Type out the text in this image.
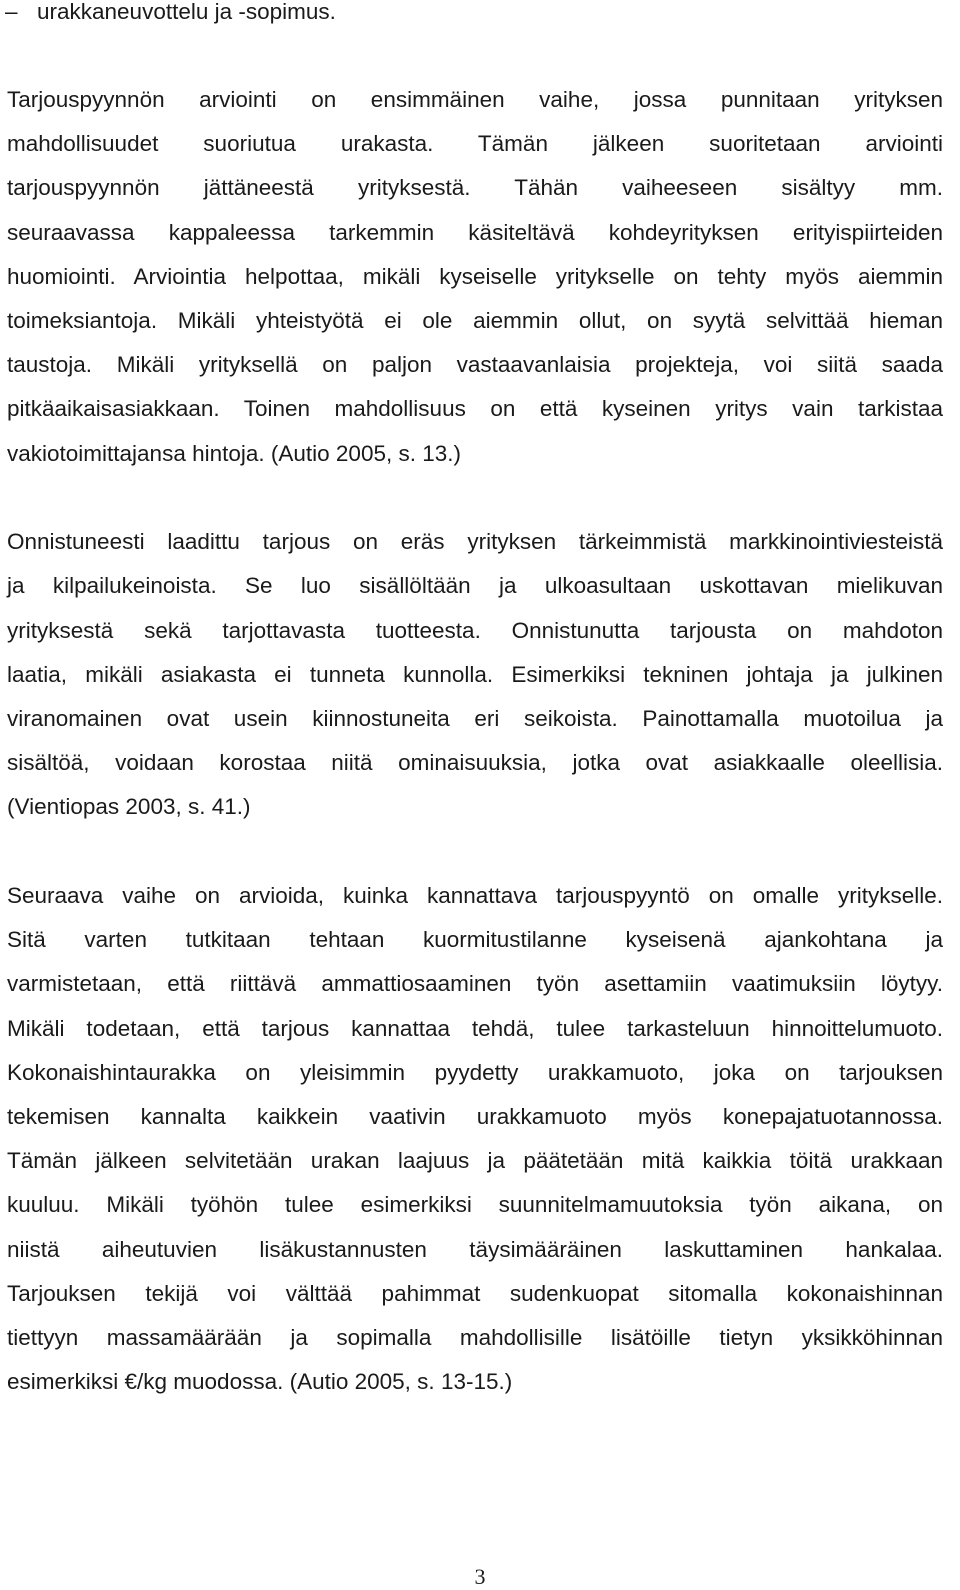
urakkaneuvottelu ja -sopimus.
–

Tarjouspyynnön arviointi on ensimmäinen vaihe, jossa punnitaan yrityksen

mahdollisuudet suoriutua urakasta. Tämän jälkeen suoritetaan arviointi

tarjouspyynnön jättäneestä yrityksestä. Tähän vaiheeseen sisältyy mm.

seuraavassa kappaleessa tarkemmin käsiteltävä kohdeyrityksen erityispiirteiden

huomiointi. Arviointia helpottaa, mikäli kyseiselle yritykselle on tehty myös aiemmin

toimeksiantoja. Mikäli yhteistyötä ei ole aiemmin ollut, on syytä selvittää hieman

taustoja. Mikäli yrityksellä on paljon vastaavanlaisia projekteja, voi siitä saada

pitkäaikaisasiakkaan. Toinen mahdollisuus on että kyseinen yritys vain tarkistaa

vakiotoimittajansa hintoja. (Autio 2005, s. 13.)

Onnistuneesti laadittu tarjous on eräs yrityksen tärkeimmistä markkinointiviesteistä

ja kilpailukeinoista. Se luo sisällöltään ja ulkoasultaan uskottavan mielikuvan

yrityksestä sekä tarjottavasta tuotteesta. Onnistunutta tarjousta on mahdoton

laatia, mikäli asiakasta ei tunneta kunnolla. Esimerkiksi tekninen johtaja ja julkinen

viranomainen ovat usein kiinnostuneita eri seikoista. Painottamalla muotoilua ja

sisältöä, voidaan korostaa niitä ominaisuuksia, jotka ovat asiakkaalle oleellisia.

(Vientiopas 2003, s. 41.)

Seuraava vaihe on arvioida, kuinka kannattava tarjouspyyntö on omalle yritykselle.

Sitä varten tutkitaan tehtaan kuormitustilanne kyseisenä ajankohtana ja

varmistetaan, että riittävä ammattiosaaminen työn asettamiin vaatimuksiin löytyy.

Mikäli todetaan, että tarjous kannattaa tehdä, tulee tarkasteluun hinnoittelumuoto.

Kokonaishintaurakka on yleisimmin pyydetty urakkamuoto, joka on tarjouksen

tekemisen kannalta kaikkein vaativin urakkamuoto myös konepajatuotannossa.

Tämän jälkeen selvitetään urakan laajuus ja päätetään mitä kaikkia töitä urakkaan

kuuluu. Mikäli työhön tulee esimerkiksi suunnitelmamuutoksia työn aikana, on

niistä aiheutuvien lisäkustannusten täysimääräinen laskuttaminen hankalaa.

Tarjouksen tekijä voi välttää pahimmat sudenkuopat sitomalla kokonaishinnan

tiettyyn massamäärään ja sopimalla mahdollisille lisätöille tietyn yksikköhinnan

esimerkiksi €/kg muodossa. (Autio 2005, s. 13-15.)

3
